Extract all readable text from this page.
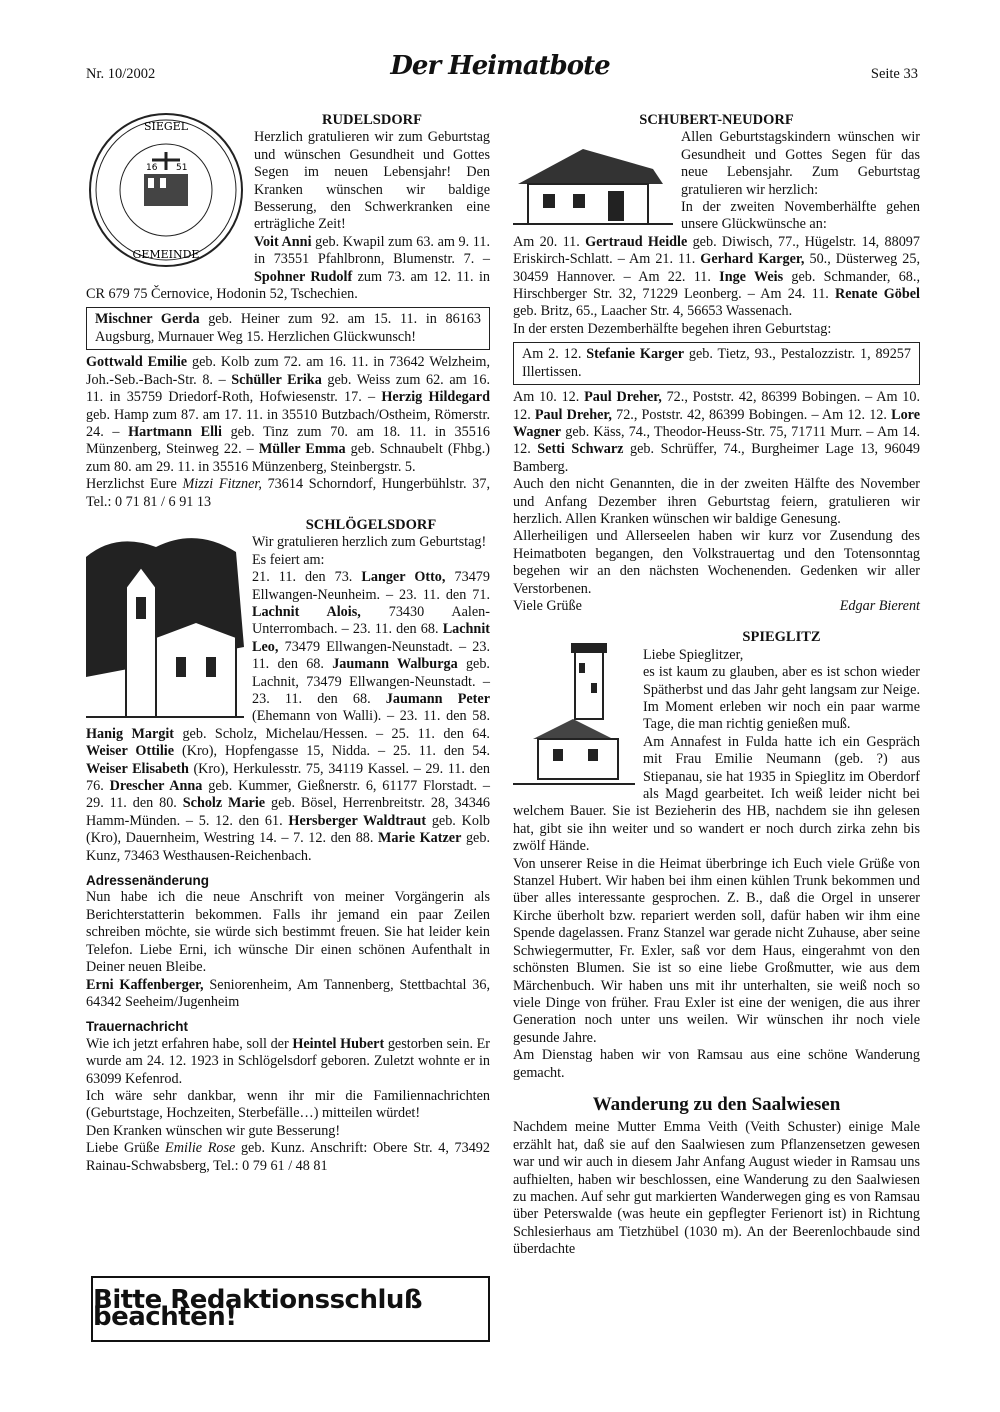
Nr. 10/2002	Der Heimatbote	Seite 33
16 51
SIEGEL
GEMEINDE
RUDELSDORF

Herzlich gratulieren wir zum Geburtstag und wünschen Gesundheit und Gottes Segen im neuen Lebensjahr! Den Kranken wünschen wir baldige Besserung, den Schwerkranken eine erträgliche Zeit!

Voit Anni geb. Kwapil zum 63. am 9. 11. in 73551 Pfahlbronn, Blumenstr. 7. – Spohner Rudolf zum 73. am 12. 11. in CR 679 75 Černovice, Hodonin 52, Tschechien.

Mischner Gerda geb. Heiner zum 92. am 15. 11. in 86163 Augsburg, Murnauer Weg 15. Herzlichen Glückwunsch!

Gottwald Emilie geb. Kolb zum 72. am 16. 11. in 73642 Welzheim, Joh.-Seb.-Bach-Str. 8. – Schüller Erika geb. Weiss zum 62. am 16. 11. in 35759 Driedorf-Roth, Hofwiesenstr. 17. – Herzig Hildegard geb. Hamp zum 87. am 17. 11. in 35510 Butzbach/Ostheim, Römerstr. 24. – Hartmann Elli geb. Tinz zum 70. am 18. 11. in 35516 Münzenberg, Steinweg 22. – Müller Emma geb. Schnaubelt (Fhbg.) zum 80. am 29. 11. in 35516 Münzenberg, Steinbergstr. 5.

Herzlichst Eure Mizzi Fitzner, 73614 Schorndorf, Hungerbühlstr. 37, Tel.: 0 71 81 / 6 91 13

SCHLÖGELSDORF

Wir gratulieren herzlich zum Geburtstag!

Es feiert am:

21. 11. den 73. Langer Otto, 73479 Ellwangen-Neunheim. – 23. 11. den 71. Lachnit Alois, 73430 Aalen-Unterrombach. – 23. 11. den 68. Lachnit Leo, 73479 Ellwangen-Neunstadt. – 23. 11. den 68. Jaumann Walburga geb. Lachnit, 73479 Ellwangen-Neunstadt. – 23. 11. den 68. Jaumann Peter (Ehemann von Walli). – 23. 11. den 58. Hanig Margit geb. Scholz, Michelau/Hessen. – 25. 11. den 64. Weiser Ottilie (Kro), Hopfengasse 15, Nidda. – 25. 11. den 54. Weiser Elisabeth (Kro), Herkulesstr. 75, 34119 Kassel. – 29. 11. den 76. Drescher Anna geb. Kummer, Gießnerstr. 6, 61177 Florstadt. – 29. 11. den 80. Scholz Marie geb. Bösel, Herrenbreitstr. 28, 34346 Hamm-Münden. – 5. 12. den 61. Hersberger Waldtraut geb. Kolb (Kro), Dauernheim, Westring 14. – 7. 12. den 88. Marie Katzer geb. Kunz, 73463 Westhausen-Reichenbach.

Adressenänderung

Nun habe ich die neue Anschrift von meiner Vorgängerin als Berichterstatterin bekommen. Falls ihr jemand ein paar Zeilen schreiben möchte, sie würde sich bestimmt freuen. Sie hat leider kein Telefon. Liebe Erni, ich wünsche Dir einen schönen Aufenthalt in Deiner neuen Bleibe.

Erni Kaffenberger, Seniorenheim, Am Tannenberg, Stettbachtal 36, 64342 Seeheim/Jugenheim

Trauernachricht

Wie ich jetzt erfahren habe, soll der Heintel Hubert gestorben sein. Er wurde am 24. 12. 1923 in Schlögelsdorf geboren. Zuletzt wohnte er in 63099 Kefenrod.

Ich wäre sehr dankbar, wenn ihr mir die Familiennachrichten (Geburtstage, Hochzeiten, Sterbefälle…) mitteilen würdet!

Den Kranken wünschen wir gute Besserung!

Liebe Grüße Emilie Rose geb. Kunz. Anschrift: Obere Str. 4, 73492 Rainau-Schwabsberg, Tel.: 0 79 61 / 48 81

Bitte Redaktionsschluß beachten!
SCHUBERT-NEUDORF

Allen Geburtstagskindern wünschen wir Gesundheit und Gottes Segen für das neue Lebensjahr. Zum Geburtstag gratulieren wir herzlich:

In der zweiten Novemberhälfte gehen unsere Glückwünsche an:

Am 20. 11. Gertraud Heidle geb. Diwisch, 77., Hügelstr. 14, 88097 Eriskirch-Schlatt. – Am 21. 11. Gerhard Karger, 50., Düsterweg 25, 30459 Hannover. – Am 22. 11. Inge Weis geb. Schmander, 68., Hirschberger Str. 32, 71229 Leonberg. – Am 24. 11. Renate Göbel geb. Britz, 65., Laacher Str. 4, 56653 Wassenach.

In der ersten Dezemberhälfte begehen ihren Geburtstag:

Am 2. 12. Stefanie Karger geb. Tietz, 93., Pestalozzistr. 1, 89257 Illertissen.

Am 10. 12. Paul Dreher, 72., Poststr. 42, 86399 Bobingen. – Am 10. 12. Paul Dreher, 72., Poststr. 42, 86399 Bobingen. – Am 12. 12. Lore Wagner geb. Käss, 74., Theodor-Heuss-Str. 75, 71711 Murr. – Am 14. 12. Setti Schwarz geb. Schrüffer, 74., Burgheimer Lage 13, 96049 Bamberg.

Auch den nicht Genannten, die in der zweiten Hälfte des November und Anfang Dezember ihren Geburtstag feiern, gratulieren wir herzlich. Allen Kranken wünschen wir baldige Genesung.

Allerheiligen und Allerseelen haben wir kurz vor Zusendung des Heimatboten begangen, den Volkstrauertag und den Totensonntag begehen wir an den nächsten Wochenenden. Gedenken wir aller Verstorbenen.

Viele Grüße	Edgar Bierent
SPIEGLITZ

Liebe Spieglitzer,

es ist kaum zu glauben, aber es ist schon wieder Spätherbst und das Jahr geht langsam zur Neige. Im Moment erleben wir noch ein paar warme Tage, die man richtig genießen muß.

Am Annafest in Fulda hatte ich ein Gespräch mit Frau Emilie Neumann (geb. ?) aus Stiepanau, sie hat 1935 in Spieglitz im Oberdorf als Magd gearbeitet. Ich weiß leider nicht bei welchem Bauer. Sie ist Bezieherin des HB, nachdem sie ihn gelesen hat, gibt sie ihn weiter und so wandert er noch durch zirka zehn bis zwölf Hände.

Von unserer Reise in die Heimat überbringe ich Euch viele Grüße von Stanzel Hubert. Wir haben bei ihm einen kühlen Trunk bekommen und über alles interessante gesprochen. Z. B., daß die Orgel in unserer Kirche überholt bzw. repariert werden soll, dafür haben wir ihm eine Spende dagelassen. Franz Stanzel war gerade nicht Zuhause, aber seine Schwiegermutter, Fr. Exler, saß vor dem Haus, eingerahmt von den schönsten Blumen. Sie ist so eine liebe Großmutter, wie aus dem Märchenbuch. Wir haben uns mit ihr unterhalten, sie weiß noch so viele Dinge von früher. Frau Exler ist eine der wenigen, die aus ihrer Generation noch unter uns weilen. Wir wünschen ihr noch viele gesunde Jahre.

Am Dienstag haben wir von Ramsau aus eine schöne Wanderung gemacht.

Wanderung zu den Saalwiesen

Nachdem meine Mutter Emma Veith (Veith Schuster) einige Male erzählt hat, daß sie auf den Saalwiesen zum Pflanzensetzen gewesen war und wir auch in diesem Jahr Anfang August wieder in Ramsau uns aufhielten, haben wir beschlossen, eine Wanderung zu den Saalwiesen zu machen. Auf sehr gut markierten Wanderwegen ging es von Ramsau über Peterswalde (was heute ein gepflegter Ferienort ist) in Richtung Schlesierhaus am Tietzhübel (1030 m). An der Beerenlochbaude sind überdachte
